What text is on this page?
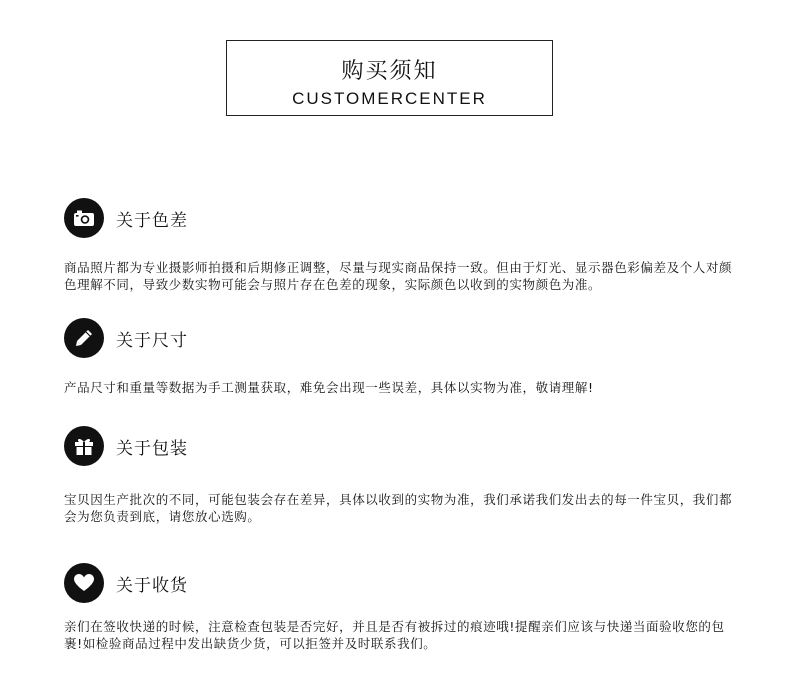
购买须知
CUSTOMERCENTER
关于色差
商品照片都为专业摄影师拍摄和后期修正调整，尽量与现实商品保持一致。但由于灯光、显示器色彩偏差及个人对颜色理解不同，导致少数实物可能会与照片存在色差的现象，实际颜色以收到的实物颜色为准。
关于尺寸
产品尺寸和重量等数据为手工测量获取，难免会出现一些误差，具体以实物为准，敬请理解!
关于包装
宝贝因生产批次的不同，可能包装会存在差异，具体以收到的实物为准，我们承诺我们发出去的每一件宝贝，我们都会为您负责到底，请您放心选购。
关于收货
亲们在签收快递的时候，注意检查包装是否完好，并且是否有被拆过的痕迹哦!提醒亲们应该与快递当面验收您的包裹!如检验商品过程中发出缺货少货，可以拒签并及时联系我们。
